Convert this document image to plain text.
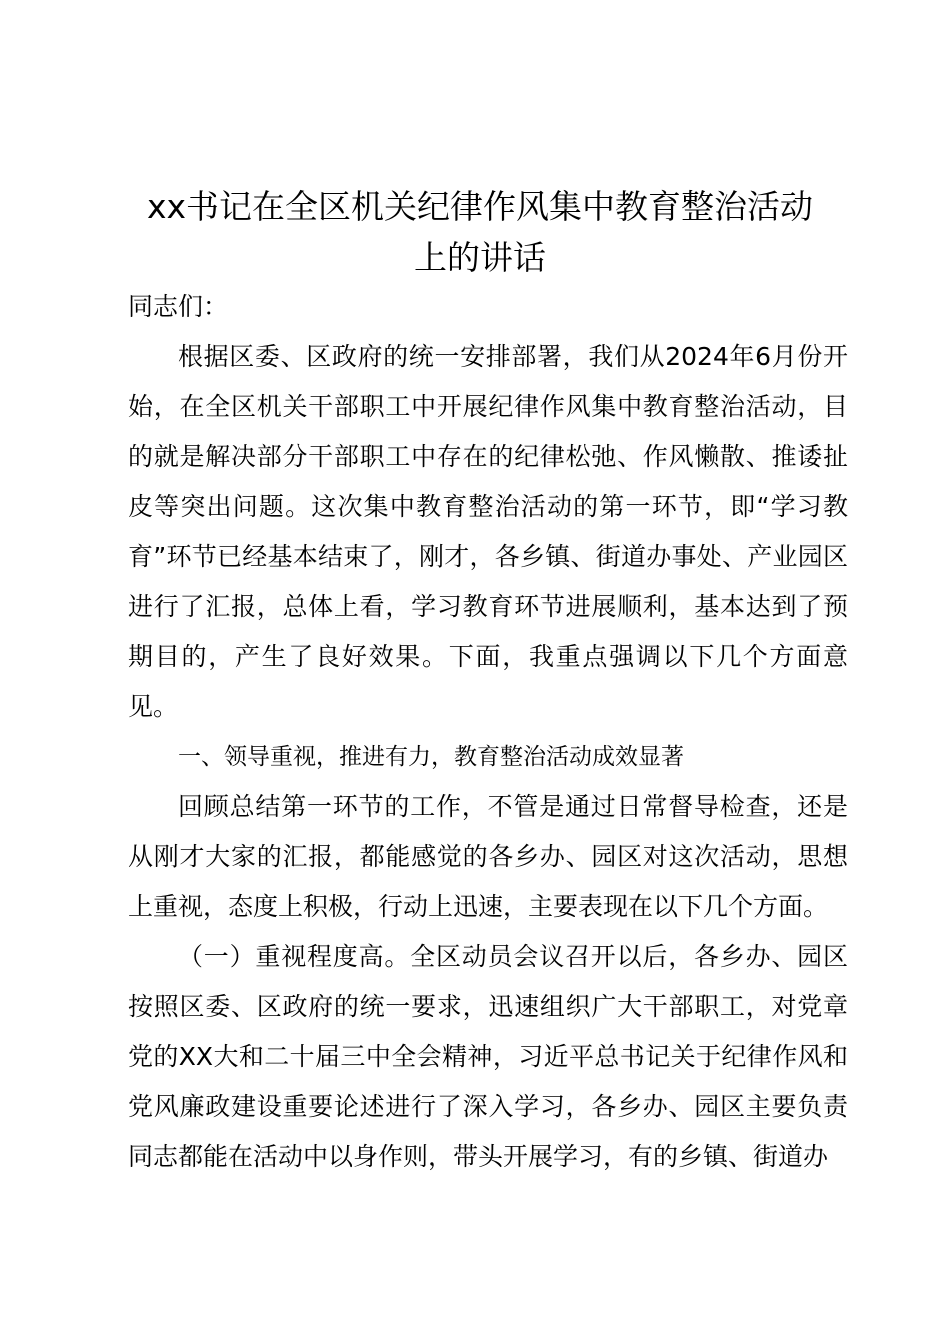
xx书记在全区机关纪律作风集中教育整治活动
上的讲话

同志们：

根据区委、区政府的统一安排部署，我们从2024年6月份开始，在全区机关干部职工中开展纪律作风集中教育整治活动，目的就是解决部分干部职工中存在的纪律松弛、作风懒散、推诿扯皮等突出问题。这次集中教育整治活动的第一环节，即“学习教育”环节已经基本结束了，刚才，各乡镇、街道办事处、产业园区进行了汇报，总体上看，学习教育环节进展顺利，基本达到了预期目的，产生了良好效果。下面，我重点强调以下几个方面意见。

一、领导重视，推进有力，教育整治活动成效显著

回顾总结第一环节的工作，不管是通过日常督导检查，还是从刚才大家的汇报，都能感觉的各乡办、园区对这次活动，思想上重视，态度上积极，行动上迅速，主要表现在以下几个方面。

（一）重视程度高。全区动员会议召开以后，各乡办、园区按照区委、区政府的统一要求，迅速组织广大干部职工，对党章党的XX大和二十届三中全会精神，习近平总书记关于纪律作风和党风廉政建设重要论述进行了深入学习，各乡办、园区主要负责同志都能在活动中以身作则，带头开展学习，有的乡镇、街道办
